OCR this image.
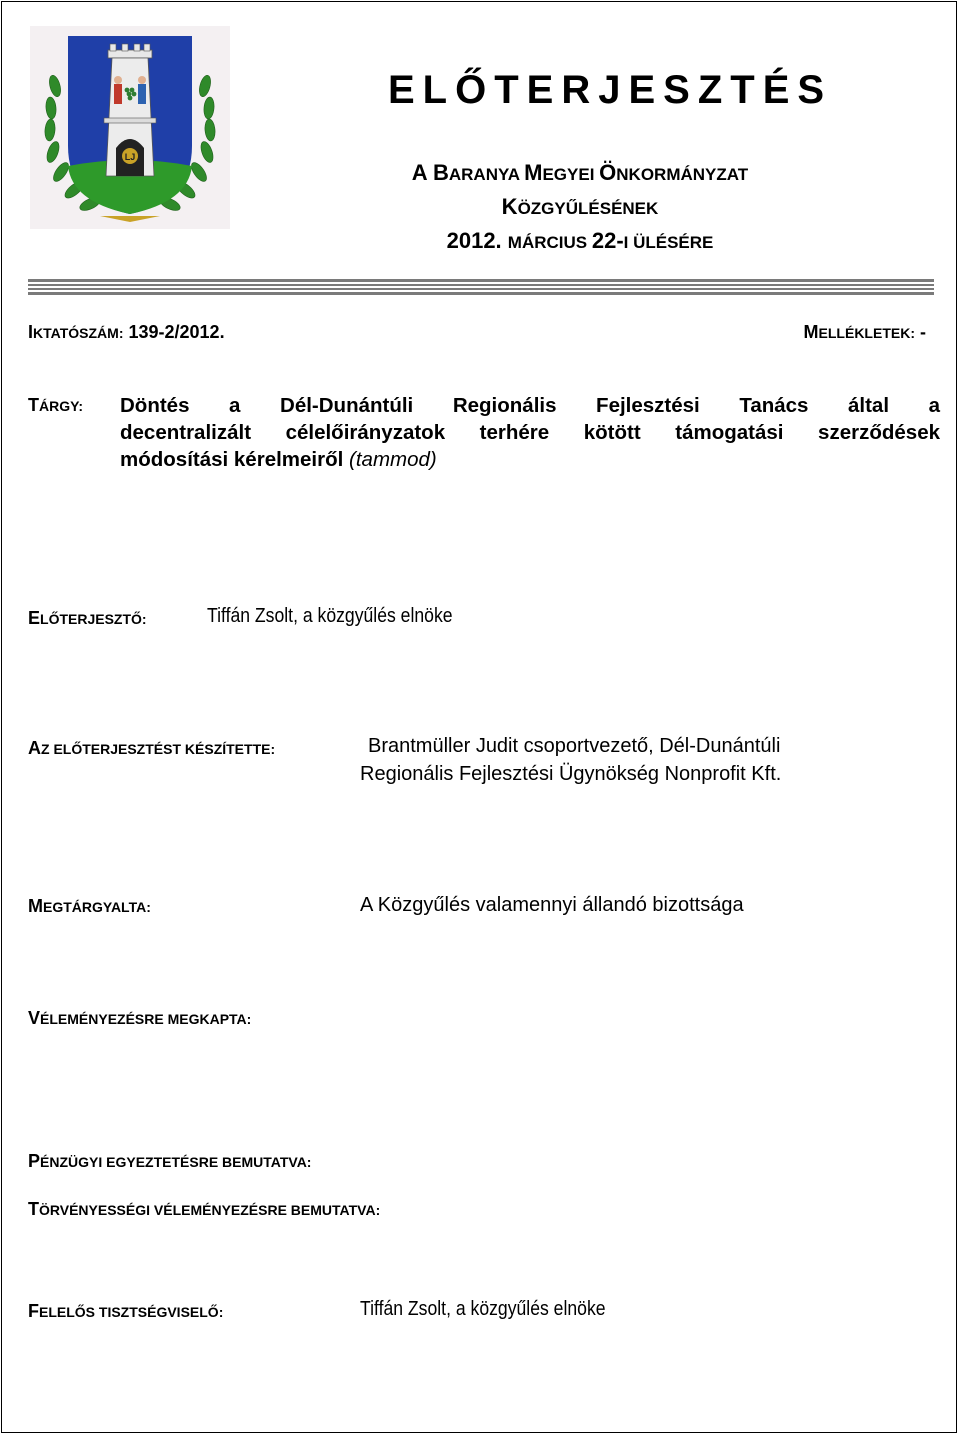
LJ
ELŐTERJESZTÉS
A BARANYA MEGYEI ÖNKORMÁNYZAT
KÖZGYŰLÉSÉNEK
2012. MÁRCIUS 22-I ÜLÉSÉRE
IKTATÓSZÁM: 139-2/2012.	MELLÉKLETEK: -
TÁRGY: Döntés a Dél-Dunántúli Regionális Fejlesztési Tanács által a
decentralizált célelőirányzatok terhére kötött támogatási szerződések
módosítási kérelmeiről (tammod)
ELŐTERJESZTŐ:	Tiffán Zsolt, a közgyűlés elnöke
AZ ELŐTERJESZTÉST KÉSZÍTETTE:	Brantmüller Judit csoportvezető, Dél-Dunántúli
Regionális Fejlesztési Ügynökség Nonprofit Kft.
MEGTÁRGYALTA:	A Közgyűlés valamennyi állandó bizottsága
VÉLEMÉNYEZÉSRE MEGKAPTA:
PÉNZÜGYI EGYEZTETÉSRE BEMUTATVA:
TÖRVÉNYESSÉGI VÉLEMÉNYEZÉSRE BEMUTATVA:
FELELŐS TISZTSÉGVISELŐ:	Tiffán Zsolt, a közgyűlés elnöke
